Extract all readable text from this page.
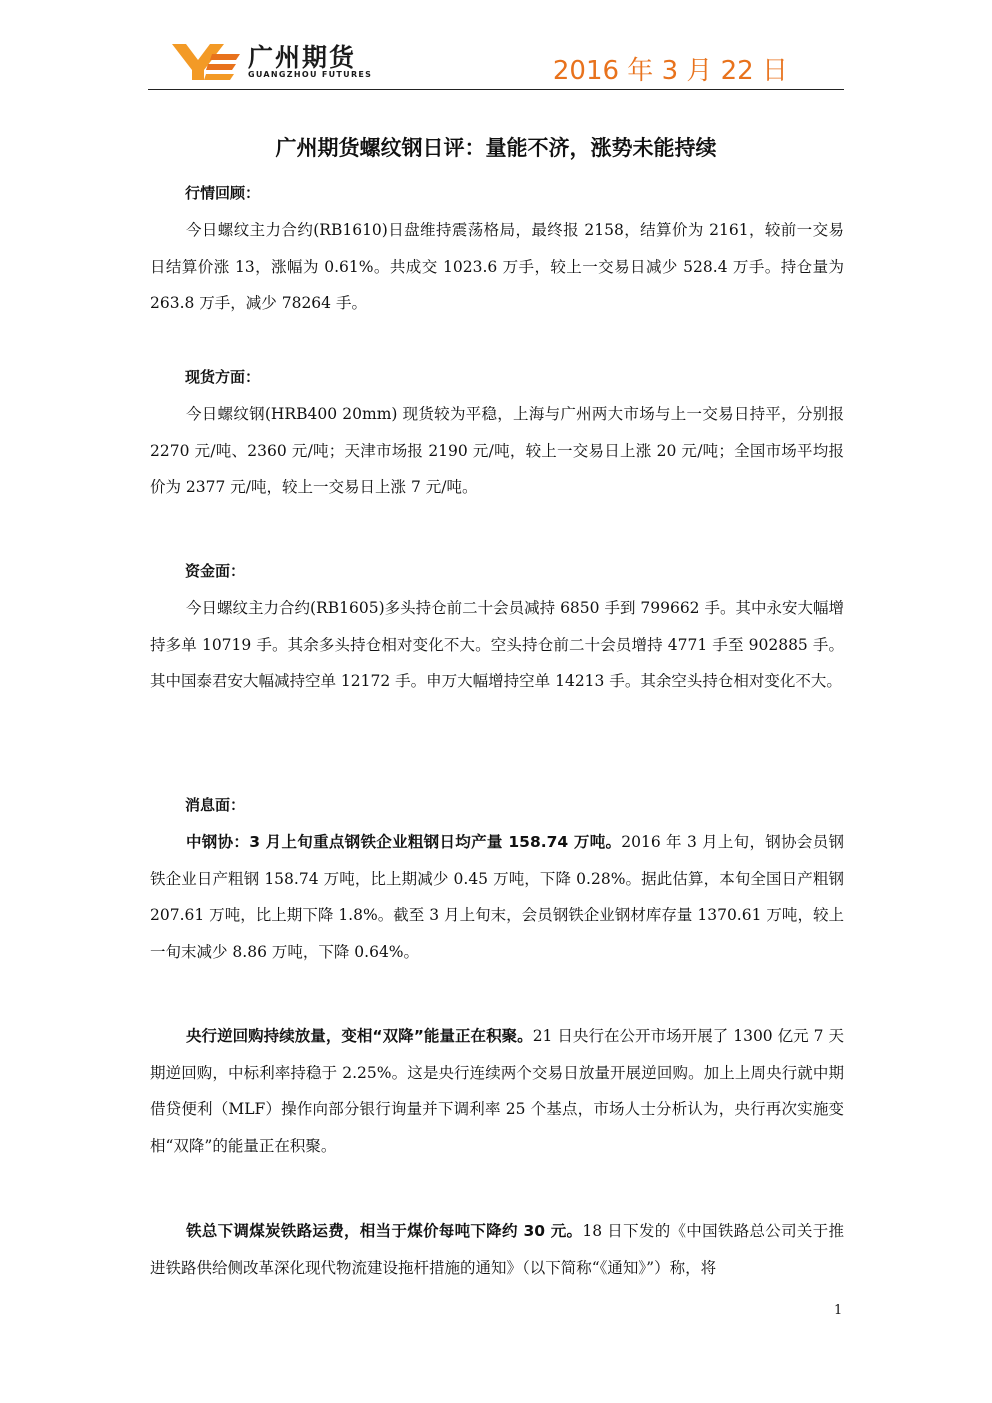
广州期货
GUANGZHOU FUTURES	2016 年 3 月 22 日
广州期货螺纹钢日评：量能不济，涨势未能持续
行情回顾：
今日螺纹主力合约(RB1610)日盘维持震荡格局，最终报 2158，结算价为 2161，较前一交易日结算价涨 13，涨幅为 0.61%。共成交 1023.6 万手，较上一交易日减少 528.4 万手。持仓量为 263.8 万手，减少 78264 手。
现货方面：
今日螺纹钢(HRB400 20mm) 现货较为平稳，上海与广州两大市场与上一交易日持平，分别报 2270 元/吨、2360 元/吨；天津市场报 2190 元/吨，较上一交易日上涨 20 元/吨；全国市场平均报价为 2377 元/吨，较上一交易日上涨 7 元/吨。
资金面：
今日螺纹主力合约(RB1605)多头持仓前二十会员减持 6850 手到 799662 手。其中永安大幅增持多单 10719 手。其余多头持仓相对变化不大。空头持仓前二十会员增持 4771 手至 902885 手。其中国泰君安大幅减持空单 12172 手。申万大幅增持空单 14213 手。其余空头持仓相对变化不大。
消息面：
中钢协：3 月上旬重点钢铁企业粗钢日均产量 158.74 万吨。2016 年 3 月上旬，钢协会员钢铁企业日产粗钢 158.74 万吨，比上期减少 0.45 万吨，下降 0.28%。据此估算，本旬全国日产粗钢 207.61 万吨，比上期下降 1.8%。截至 3 月上旬末，会员钢铁企业钢材库存量 1370.61 万吨，较上一旬末减少 8.86 万吨，下降 0.64%。
央行逆回购持续放量，变相“双降”能量正在积聚。21 日央行在公开市场开展了 1300 亿元 7 天期逆回购，中标利率持稳于 2.25%。这是央行连续两个交易日放量开展逆回购。加上上周央行就中期借贷便利（MLF）操作向部分银行询量并下调利率 25 个基点，市场人士分析认为，央行再次实施变相“双降”的能量正在积聚。
铁总下调煤炭铁路运费，相当于煤价每吨下降约 30 元。18 日下发的《中国铁路总公司关于推进铁路供给侧改革深化现代物流建设拖杆措施的通知》（以下简称“《通知》”）称，将
1
